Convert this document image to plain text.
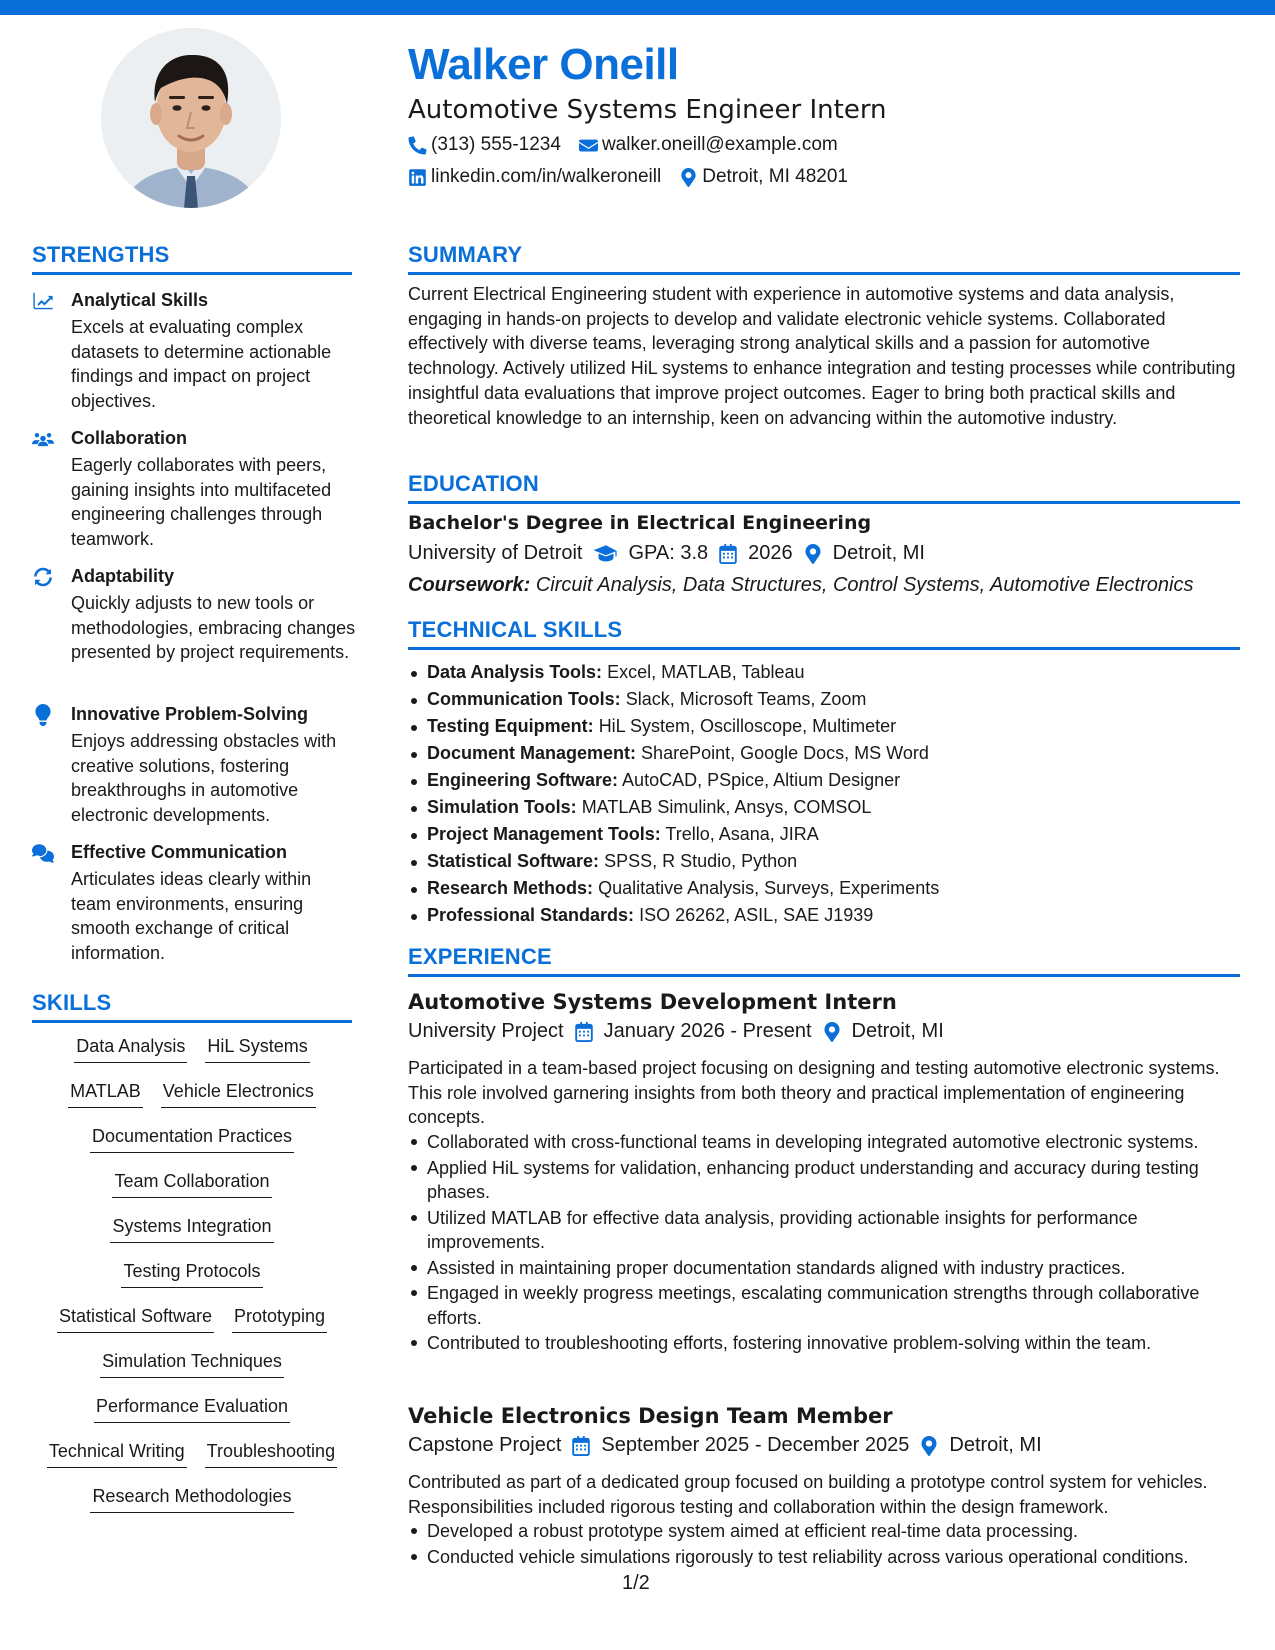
Walker Oneill
Automotive Systems Engineer Intern
(313) 555-1234 walker.oneill@example.com
linkedin.com/in/walkeroneill Detroit, MI 48201
STRENGTHS
Analytical Skills
Excels at evaluating complex datasets to determine actionable findings and impact on project objectives.
Collaboration
Eagerly collaborates with peers, gaining insights into multifaceted engineering challenges through teamwork.
Adaptability
Quickly adjusts to new tools or methodologies, embracing changes presented by project requirements.
Innovative Problem-Solving
Enjoys addressing obstacles with creative solutions, fostering breakthroughs in automotive electronic developments.
Effective Communication
Articulates ideas clearly within team environments, ensuring smooth exchange of critical information.
SKILLS
Data Analysis HiL Systems
MATLAB Vehicle Electronics
Documentation Practices
Team Collaboration
Systems Integration
Testing Protocols
Statistical Software Prototyping
Simulation Techniques
Performance Evaluation
Technical Writing Troubleshooting
Research Methodologies
SUMMARY
Current Electrical Engineering student with experience in automotive systems and data analysis, engaging in hands-on projects to develop and validate electronic vehicle systems. Collaborated effectively with diverse teams, leveraging strong analytical skills and a passion for automotive technology. Actively utilized HiL systems to enhance integration and testing processes while contributing insightful data evaluations that improve project outcomes. Eager to bring both practical skills and theoretical knowledge to an internship, keen on advancing within the automotive industry.
EDUCATION
Bachelor's Degree in Electrical Engineering
University of Detroit GPA: 3.8 2026 Detroit, MI
Coursework: Circuit Analysis, Data Structures, Control Systems, Automotive Electronics
TECHNICAL SKILLS
Data Analysis Tools: Excel, MATLAB, Tableau
Communication Tools: Slack, Microsoft Teams, Zoom
Testing Equipment: HiL System, Oscilloscope, Multimeter
Document Management: SharePoint, Google Docs, MS Word
Engineering Software: AutoCAD, PSpice, Altium Designer
Simulation Tools: MATLAB Simulink, Ansys, COMSOL
Project Management Tools: Trello, Asana, JIRA
Statistical Software: SPSS, R Studio, Python
Research Methods: Qualitative Analysis, Surveys, Experiments
Professional Standards: ISO 26262, ASIL, SAE J1939
EXPERIENCE
Automotive Systems Development Intern
University Project January 2026 - Present Detroit, MI
Participated in a team-based project focusing on designing and testing automotive electronic systems. This role involved garnering insights from both theory and practical implementation of engineering concepts.
Collaborated with cross-functional teams in developing integrated automotive electronic systems.
Applied HiL systems for validation, enhancing product understanding and accuracy during testing phases.
Utilized MATLAB for effective data analysis, providing actionable insights for performance improvements.
Assisted in maintaining proper documentation standards aligned with industry practices.
Engaged in weekly progress meetings, escalating communication strengths through collaborative efforts.
Contributed to troubleshooting efforts, fostering innovative problem-solving within the team.
Vehicle Electronics Design Team Member
Capstone Project September 2025 - December 2025 Detroit, MI
Contributed as part of a dedicated group focused on building a prototype control system for vehicles. Responsibilities included rigorous testing and collaboration within the design framework.
Developed a robust prototype system aimed at efficient real-time data processing.
Conducted vehicle simulations rigorously to test reliability across various operational conditions.
1/2
